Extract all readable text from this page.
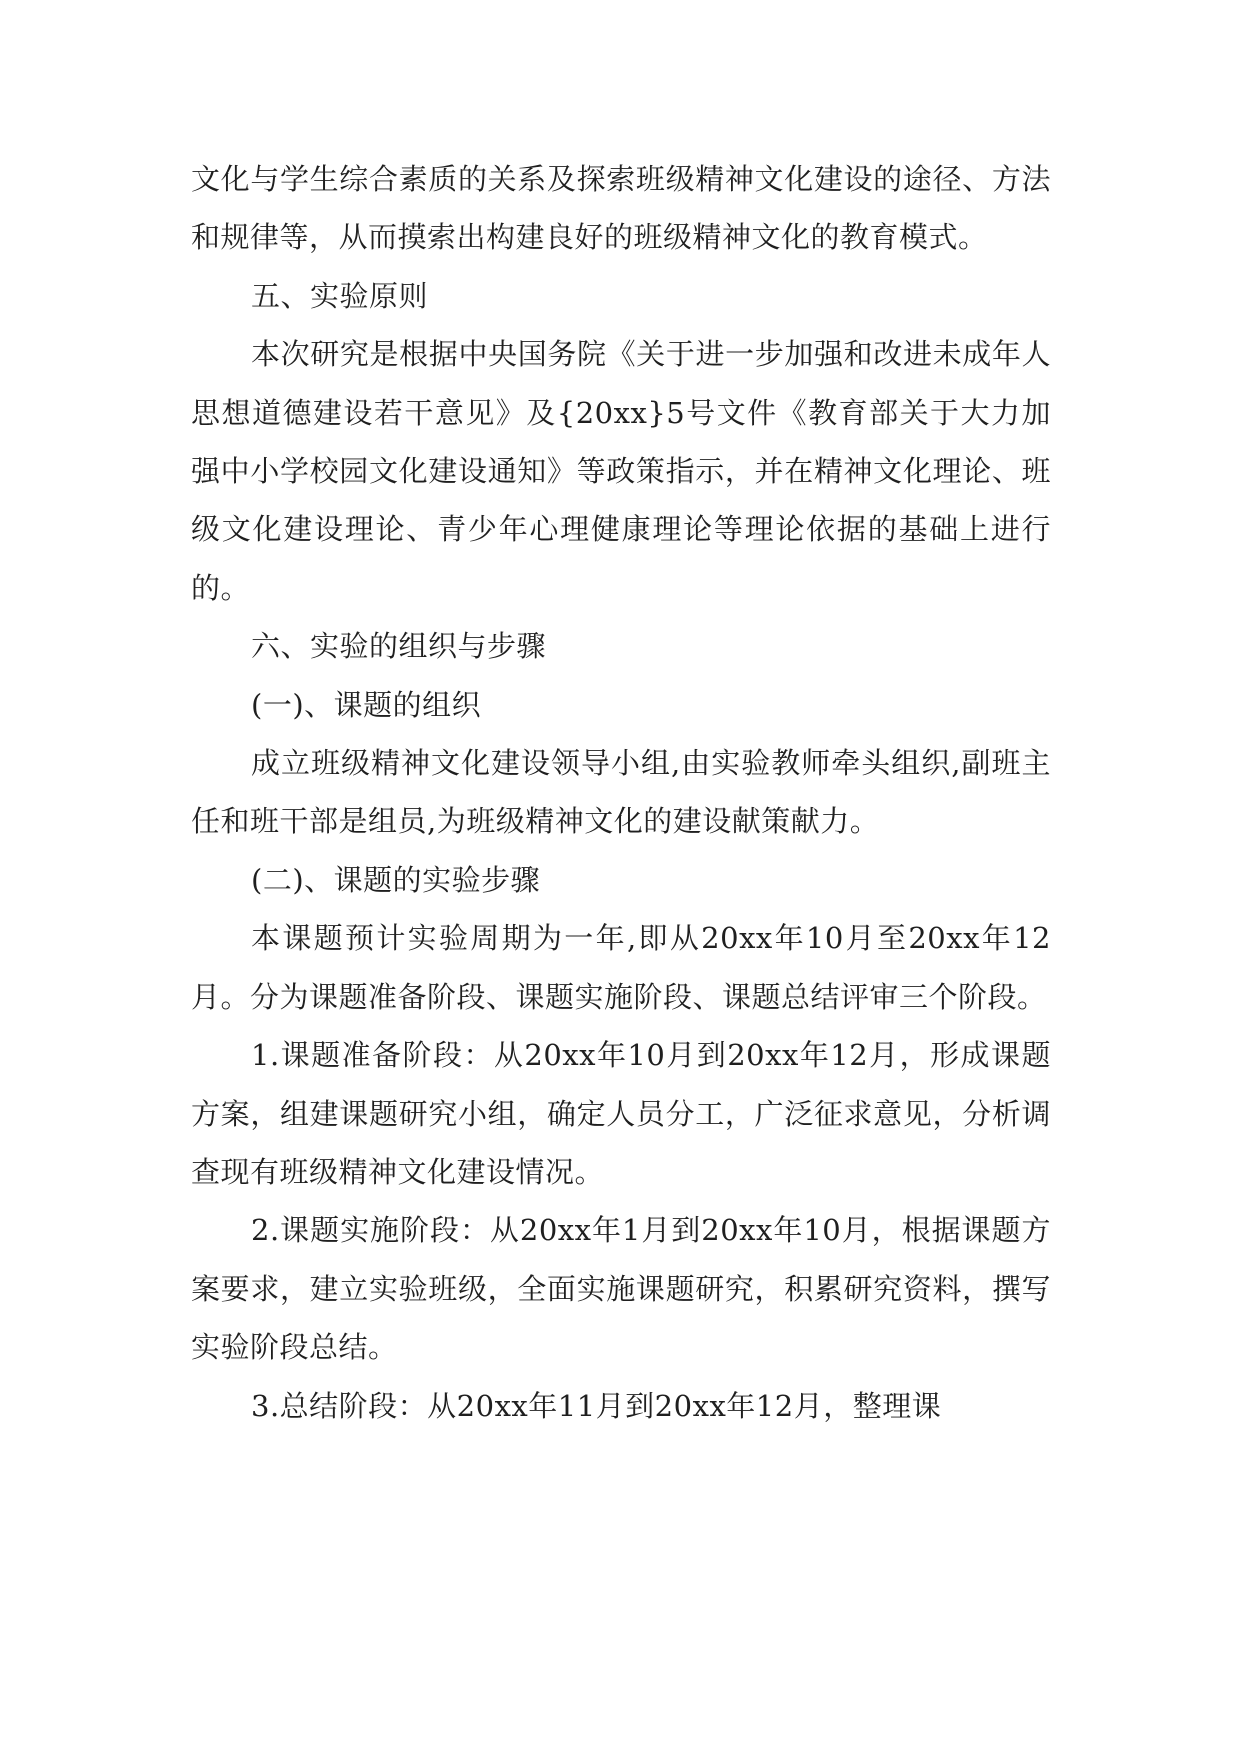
文化与学生综合素质的关系及探索班级精神文化建设的途径、方法和规律等，从而摸索出构建良好的班级精神文化的教育模式。

五、实验原则

本次研究是根据中央国务院《关于进一步加强和改进未成年人思想道德建设若干意见》及{20xx}5号文件《教育部关于大力加强中小学校园文化建设通知》等政策指示，并在精神文化理论、班级文化建设理论、青少年心理健康理论等理论依据的基础上进行的。

六、实验的组织与步骤

(一)、课题的组织

成立班级精神文化建设领导小组,由实验教师牵头组织,副班主任和班干部是组员,为班级精神文化的建设献策献力。

(二)、课题的实验步骤

本课题预计实验周期为一年,即从20xx年10月至20xx年12月。分为课题准备阶段、课题实施阶段、课题总结评审三个阶段。

1.课题准备阶段：从20xx年10月到20xx年12月，形成课题方案，组建课题研究小组，确定人员分工，广泛征求意见，分析调查现有班级精神文化建设情况。

2.课题实施阶段：从20xx年1月到20xx年10月，根据课题方案要求，建立实验班级，全面实施课题研究，积累研究资料，撰写实验阶段总结。

3.总结阶段：从20xx年11月到20xx年12月，整理课
